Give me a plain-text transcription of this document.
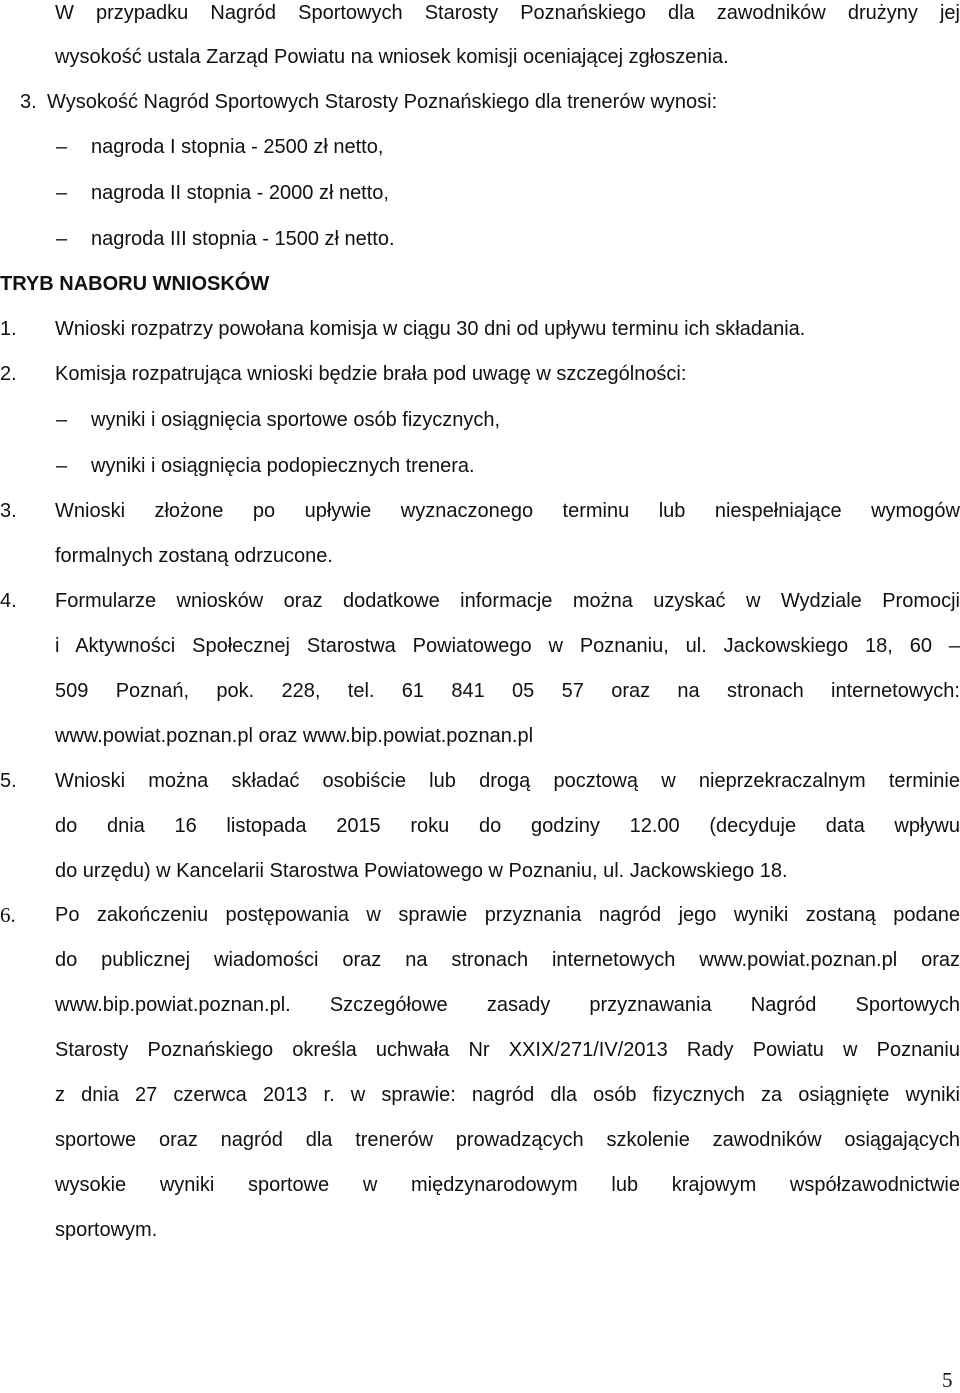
W przypadku Nagród Sportowych Starosty Poznańskiego dla zawodników drużyny jej
wysokość ustala Zarząd Powiatu na wniosek komisji oceniającej zgłoszenia.
3. Wysokość Nagród Sportowych Starosty Poznańskiego dla trenerów wynosi:
– nagroda I stopnia - 2500 zł netto,
– nagroda II stopnia - 2000 zł netto,
– nagroda III stopnia - 1500 zł netto.
TRYB NABORU WNIOSKÓW
1. Wnioski rozpatrzy powołana komisja w ciągu 30 dni od upływu terminu ich składania.
2. Komisja rozpatrująca wnioski będzie brała pod uwagę w szczególności:
– wyniki i osiągnięcia sportowe osób fizycznych,
– wyniki i osiągnięcia podopiecznych trenera.
3. Wnioski złożone po upływie wyznaczonego terminu lub niespełniające wymogów
formalnych zostaną odrzucone.
4. Formularze wniosków oraz dodatkowe informacje można uzyskać w Wydziale Promocji
i Aktywności Społecznej Starostwa Powiatowego w Poznaniu, ul. Jackowskiego 18, 60 –
509 Poznań, pok. 228, tel. 61 841 05 57 oraz na stronach internetowych:
www.powiat.poznan.pl oraz www.bip.powiat.poznan.pl
5. Wnioski można składać osobiście lub drogą pocztową w nieprzekraczalnym terminie
do dnia 16 listopada 2015 roku do godziny 12.00 (decyduje data wpływu
do urzędu) w Kancelarii Starostwa Powiatowego w Poznaniu, ul. Jackowskiego 18.
6. Po zakończeniu postępowania w sprawie przyznania nagród jego wyniki zostaną podane
do publicznej wiadomości oraz na stronach internetowych www.powiat.poznan.pl oraz
www.bip.powiat.poznan.pl. Szczegółowe zasady przyznawania Nagród Sportowych
Starosty Poznańskiego określa uchwała Nr XXIX/271/IV/2013 Rady Powiatu w Poznaniu
z dnia 27 czerwca 2013 r. w sprawie: nagród dla osób fizycznych za osiągnięte wyniki
sportowe oraz nagród dla trenerów prowadzących szkolenie zawodników osiągających
wysokie wyniki sportowe w międzynarodowym lub krajowym współzawodnictwie
sportowym.
5
